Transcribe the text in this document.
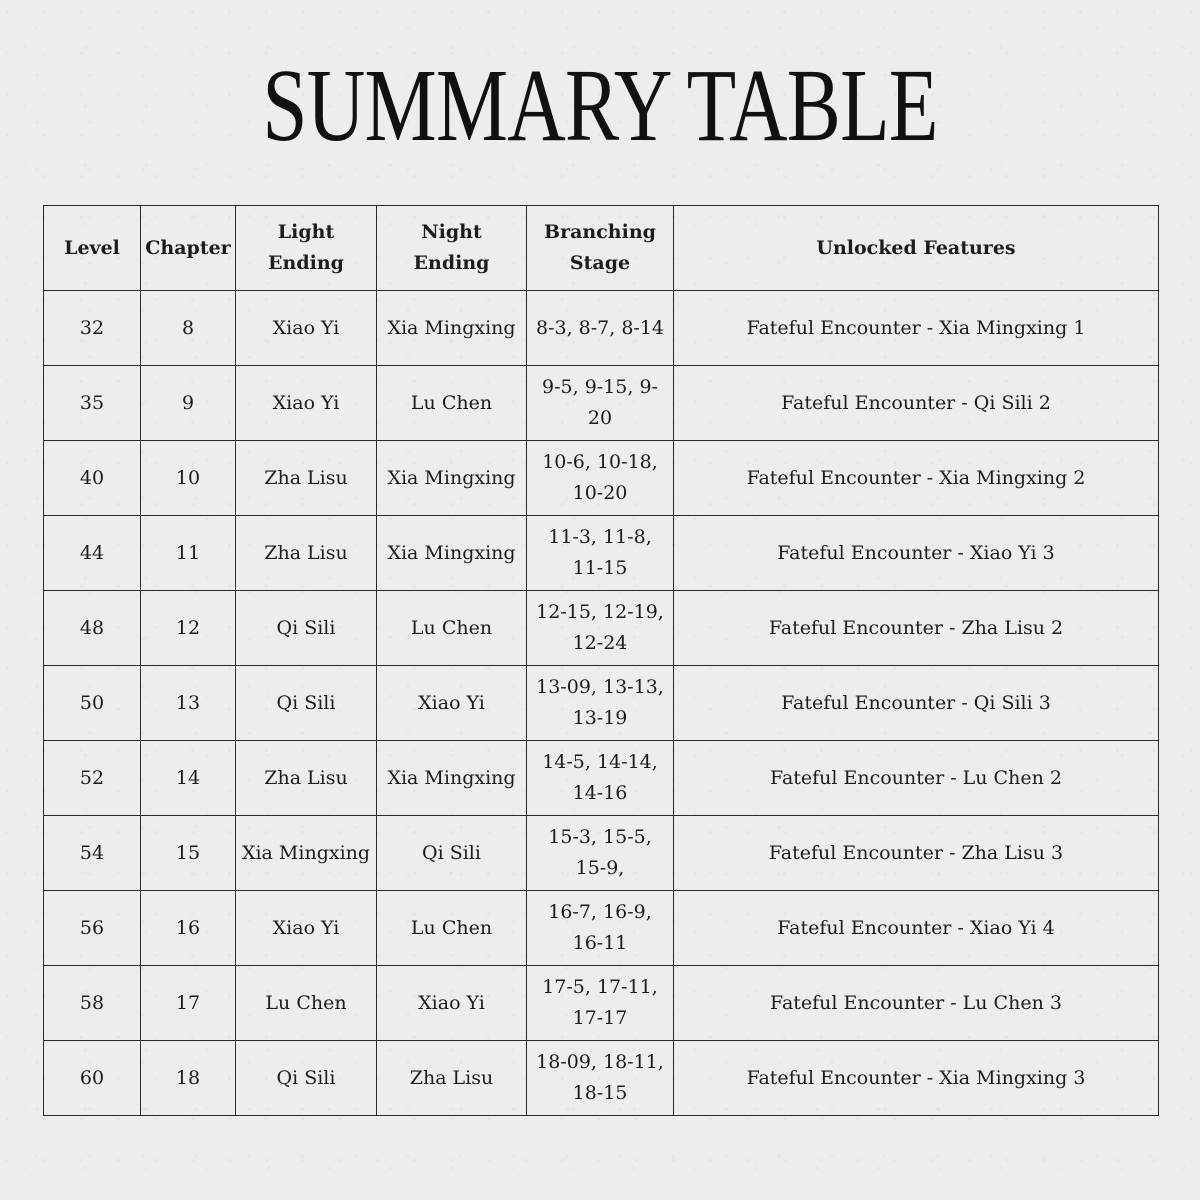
SUMMARY TABLE
Level	Chapter	Light Ending	Night Ending	Branching Stage	Unlocked Features
32	8	Xiao Yi	Xia Mingxing	8-3, 8-7, 8-14	Fateful Encounter - Xia Mingxing 1
35	9	Xiao Yi	Lu Chen	9-5, 9-15, 9-20	Fateful Encounter - Qi Sili 2
40	10	Zha Lisu	Xia Mingxing	10-6, 10-18, 10-20	Fateful Encounter - Xia Mingxing 2
44	11	Zha Lisu	Xia Mingxing	11-3, 11-8, 11-15	Fateful Encounter - Xiao Yi 3
48	12	Qi Sili	Lu Chen	12-15, 12-19, 12-24	Fateful Encounter - Zha Lisu 2
50	13	Qi Sili	Xiao Yi	13-09, 13-13, 13-19	Fateful Encounter - Qi Sili 3
52	14	Zha Lisu	Xia Mingxing	14-5, 14-14, 14-16	Fateful Encounter - Lu Chen 2
54	15	Xia Mingxing	Qi Sili	15-3, 15-5, 15-9,	Fateful Encounter - Zha Lisu 3
56	16	Xiao Yi	Lu Chen	16-7, 16-9, 16-11	Fateful Encounter - Xiao Yi 4
58	17	Lu Chen	Xiao Yi	17-5, 17-11, 17-17	Fateful Encounter - Lu Chen 3
60	18	Qi Sili	Zha Lisu	18-09, 18-11, 18-15	Fateful Encounter - Xia Mingxing 3
